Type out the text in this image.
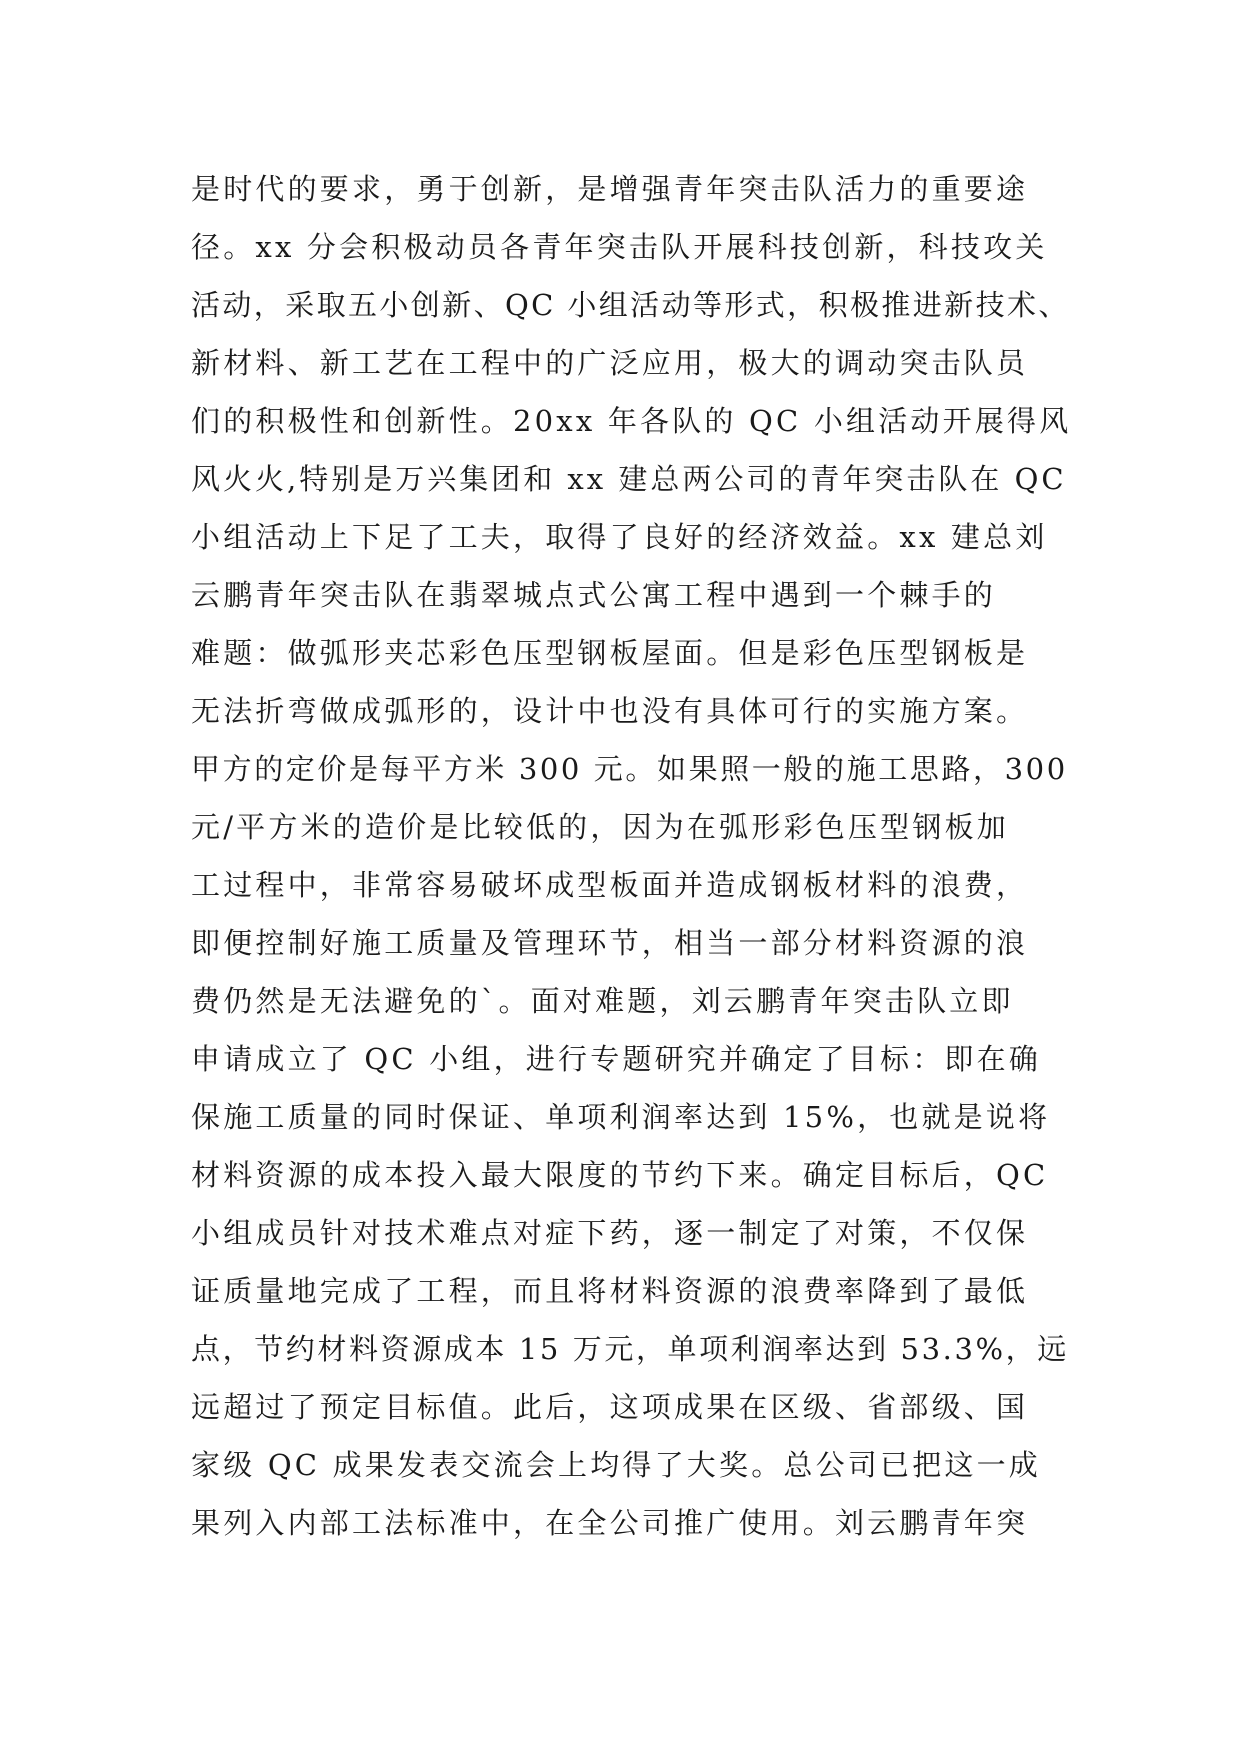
是时代的要求，勇于创新，是增强青年突击队活力的重要途
径。xx 分会积极动员各青年突击队开展科技创新，科技攻关
活动，采取五小创新、QC 小组活动等形式，积极推进新技术、
新材料、新工艺在工程中的广泛应用，极大的调动突击队员
们的积极性和创新性。20xx 年各队的 QC 小组活动开展得风
风火火,特别是万兴集团和 xx 建总两公司的青年突击队在 QC
小组活动上下足了工夫，取得了良好的经济效益。xx 建总刘
云鹏青年突击队在翡翠城点式公寓工程中遇到一个棘手的
难题：做弧形夹芯彩色压型钢板屋面。但是彩色压型钢板是
无法折弯做成弧形的，设计中也没有具体可行的实施方案。
甲方的定价是每平方米 300 元。如果照一般的施工思路，300
元/平方米的造价是比较低的，因为在弧形彩色压型钢板加
工过程中，非常容易破坏成型板面并造成钢板材料的浪费，
即便控制好施工质量及管理环节，相当一部分材料资源的浪
费仍然是无法避免的`。面对难题，刘云鹏青年突击队立即
申请成立了 QC 小组，进行专题研究并确定了目标：即在确
保施工质量的同时保证、单项利润率达到 15%，也就是说将
材料资源的成本投入最大限度的节约下来。确定目标后，QC
小组成员针对技术难点对症下药，逐一制定了对策，不仅保
证质量地完成了工程，而且将材料资源的浪费率降到了最低
点，节约材料资源成本 15 万元，单项利润率达到 53.3%，远
远超过了预定目标值。此后，这项成果在区级、省部级、国
家级 QC 成果发表交流会上均得了大奖。总公司已把这一成
果列入内部工法标准中，在全公司推广使用。刘云鹏青年突
